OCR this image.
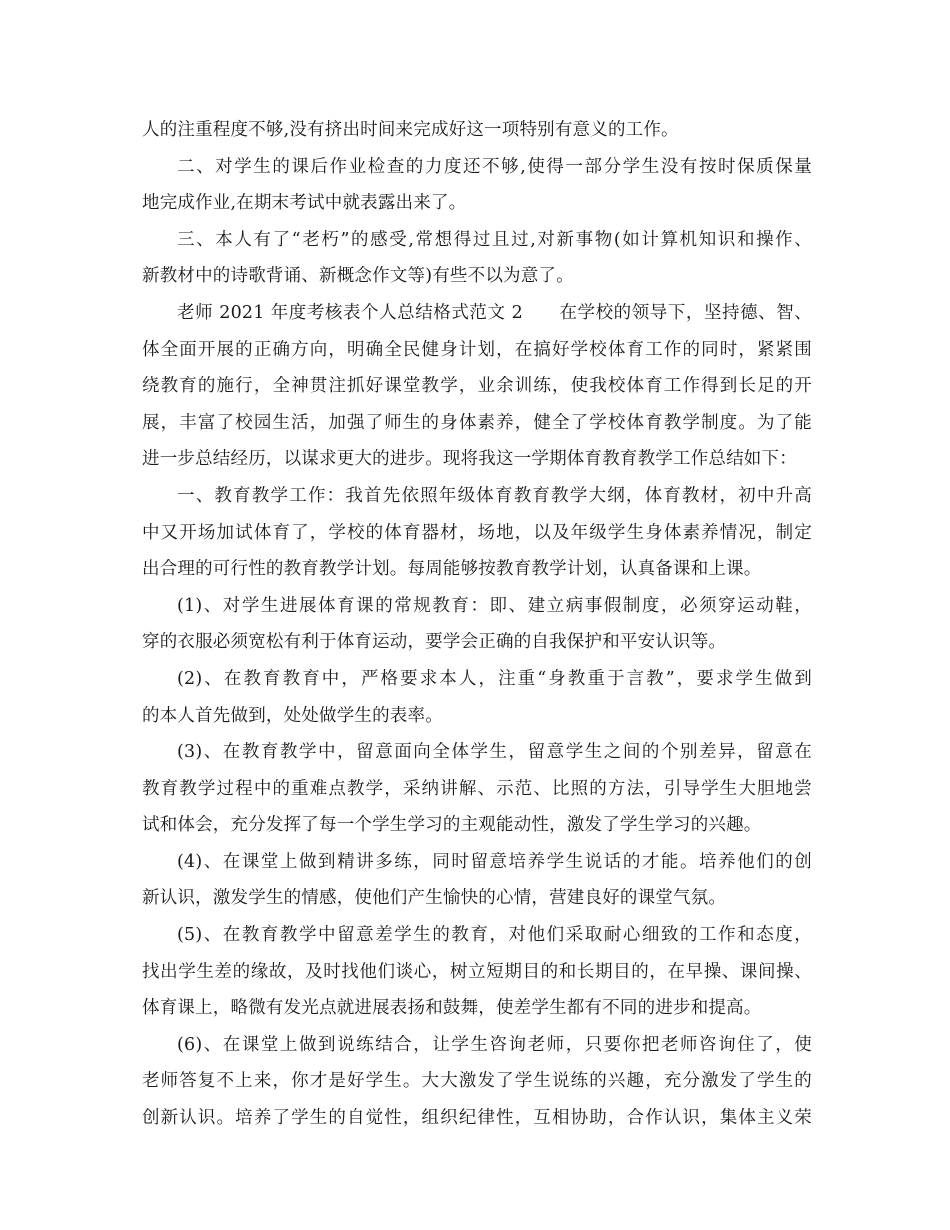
人的注重程度不够,没有挤出时间来完成好这一项特别有意义的工作。
二、对学生的课后作业检查的力度还不够,使得一部分学生没有按时保质保量
地完成作业,在期末考试中就表露出来了。
三、本人有了“老朽”的感受,常想得过且过,对新事物(如计算机知识和操作、
新教材中的诗歌背诵、新概念作文等)有些不以为意了。
老师 2021 年度考核表个人总结格式范文 2　　在学校的领导下，坚持德、智、
体全面开展的正确方向，明确全民健身计划，在搞好学校体育工作的同时，紧紧围
绕教育的施行，全神贯注抓好课堂教学，业余训练，使我校体育工作得到长足的开
展，丰富了校园生活，加强了师生的身体素养，健全了学校体育教学制度。为了能
进一步总结经历，以谋求更大的进步。现将我这一学期体育教育教学工作总结如下：
一、教育教学工作：我首先依照年级体育教育教学大纲，体育教材，初中升高
中又开场加试体育了，学校的体育器材，场地，以及年级学生身体素养情况，制定
出合理的可行性的教育教学计划。每周能够按教育教学计划，认真备课和上课。
(1)、对学生进展体育课的常规教育：即、建立病事假制度，必须穿运动鞋，
穿的衣服必须宽松有利于体育运动，要学会正确的自我保护和平安认识等。
(2)、在教育教育中，严格要求本人，注重“身教重于言教”，要求学生做到
的本人首先做到，处处做学生的表率。
(3)、在教育教学中，留意面向全体学生，留意学生之间的个别差异，留意在
教育教学过程中的重难点教学，采纳讲解、示范、比照的方法，引导学生大胆地尝
试和体会，充分发挥了每一个学生学习的主观能动性，激发了学生学习的兴趣。
(4)、在课堂上做到精讲多练，同时留意培养学生说话的才能。培养他们的创
新认识，激发学生的情感，使他们产生愉快的心情，营建良好的课堂气氛。
(5)、在教育教学中留意差学生的教育，对他们采取耐心细致的工作和态度，
找出学生差的缘故，及时找他们谈心，树立短期目的和长期目的，在早操、课间操、
体育课上，略微有发光点就进展表扬和鼓舞，使差学生都有不同的进步和提高。
(6)、在课堂上做到说练结合，让学生咨询老师，只要你把老师咨询住了，使
老师答复不上来，你才是好学生。大大激发了学生说练的兴趣，充分激发了学生的
创新认识。培养了学生的自觉性，组织纪律性，互相协助，合作认识，集体主义荣
